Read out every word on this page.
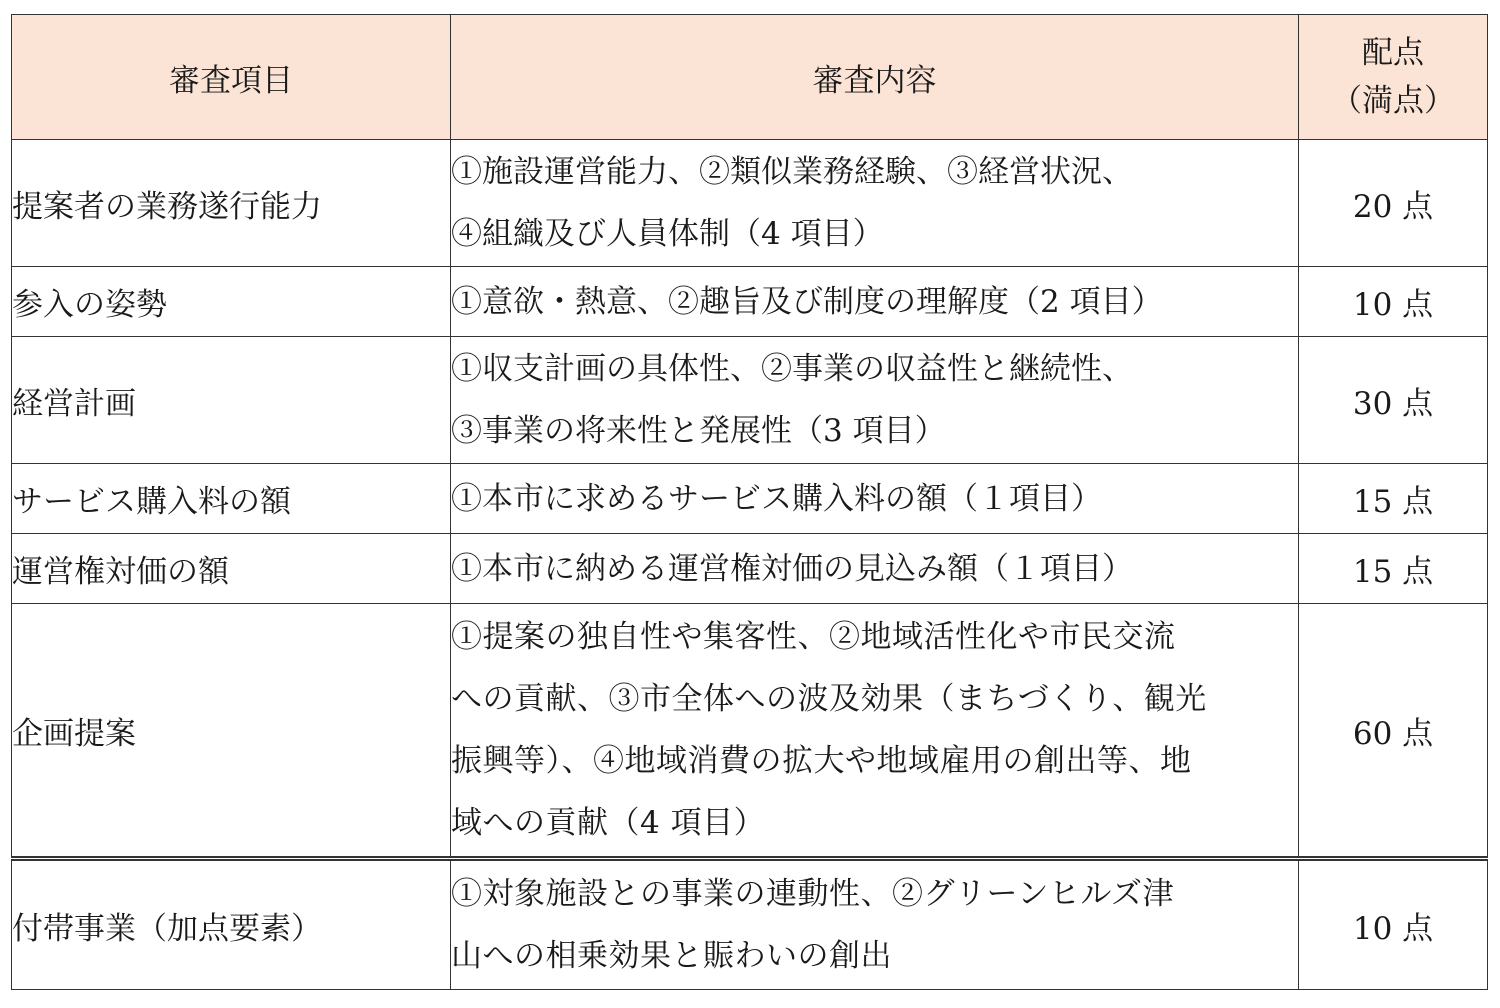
審査項目	審査内容	配点
（満点）

提案者の業務遂行能力	①施設運営能力、②類似業務経験、③経営状況、
④組織及び人員体制（4 項目）	20 点
参入の姿勢	①意欲・熱意、②趣旨及び制度の理解度（2 項目）	10 点
経営計画	①収支計画の具体性、②事業の収益性と継続性、
③事業の将来性と発展性（3 項目）	30 点
サービス購入料の額	①本市に求めるサービス購入料の額（１項目）	15 点
運営権対価の額	①本市に納める運営権対価の見込み額（１項目）	15 点
企画提案	①提案の独自性や集客性、②地域活性化や市民交流
への貢献、③市全体への波及効果（まちづくり、観光
振興等）、④地域消費の拡大や地域雇用の創出等、地
域への貢献（4 項目）	60 点
付帯事業（加点要素）	①対象施設との事業の連動性、②グリーンヒルズ津
山への相乗効果と賑わいの創出	10 点
